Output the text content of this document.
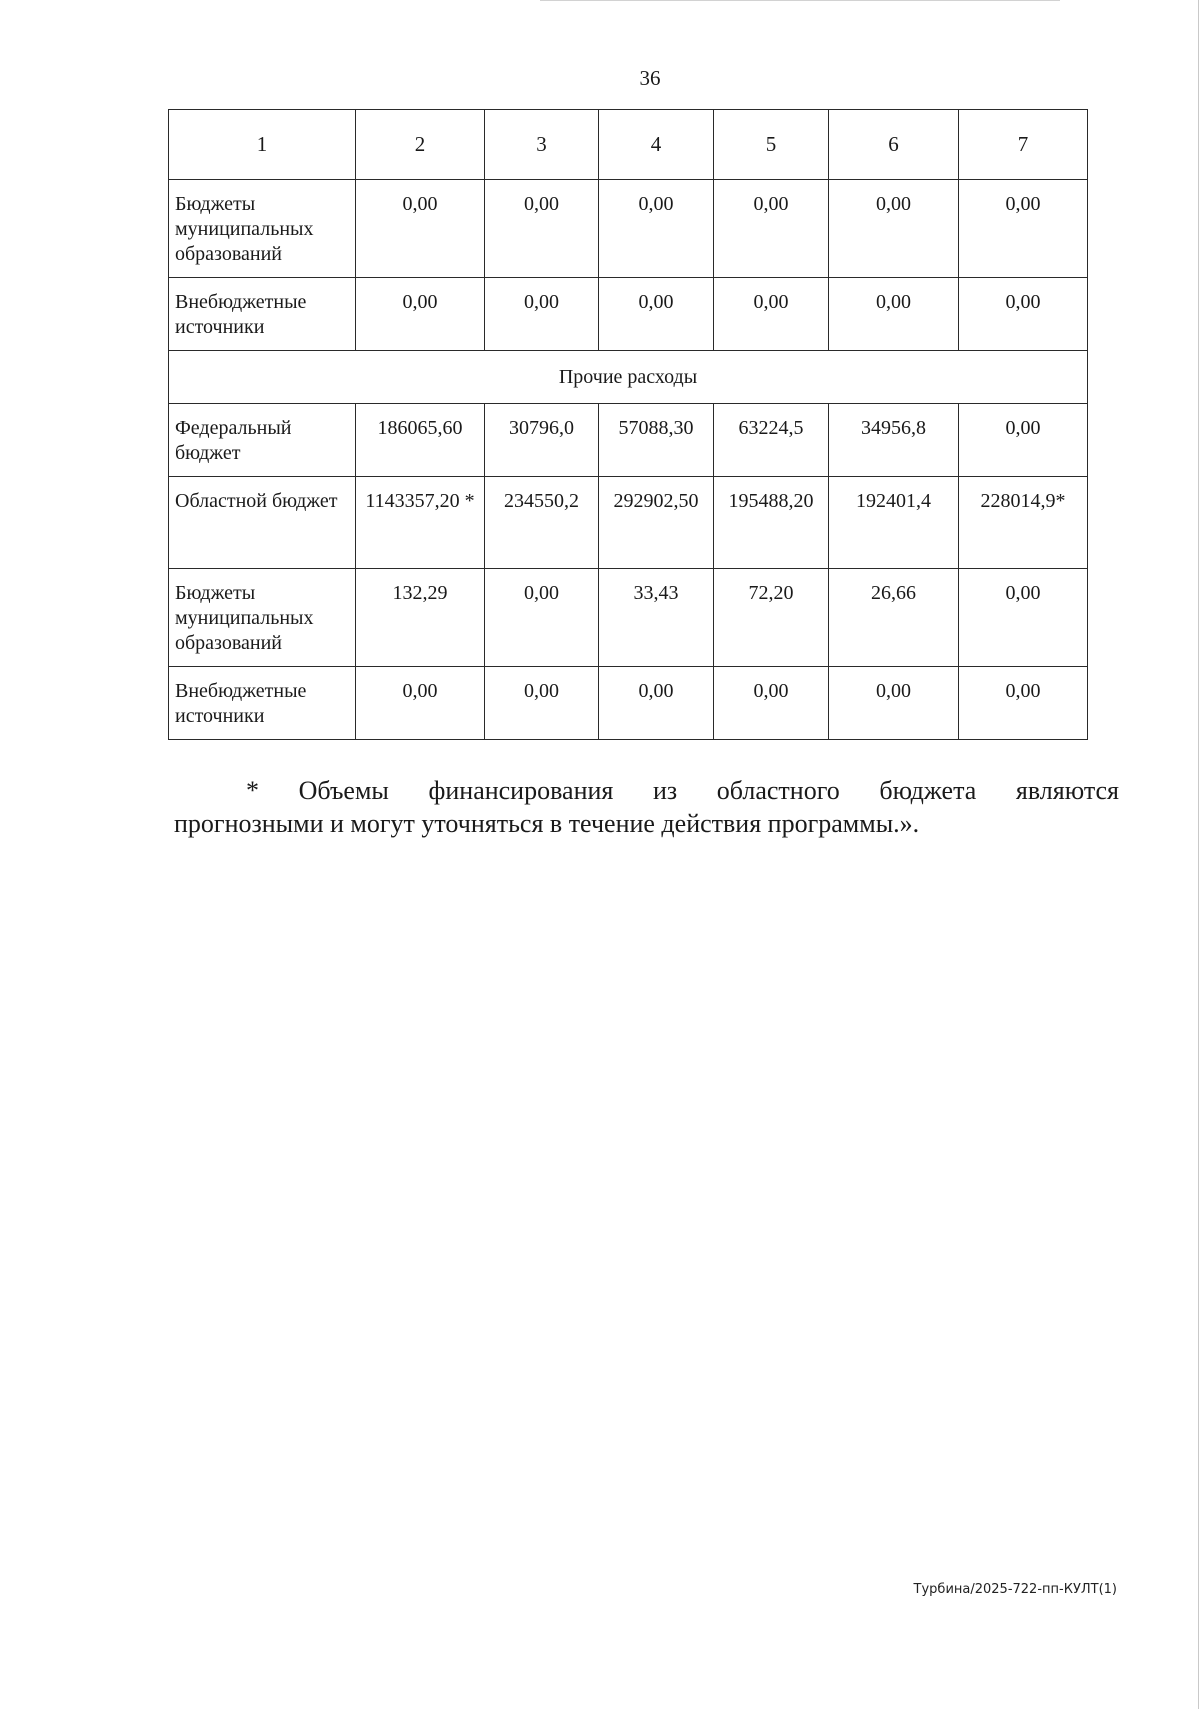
36
1	2	3	4	5	6	7
Бюджеты муниципальных образований	0,00	0,00	0,00	0,00	0,00	0,00
Внебюджетные источники	0,00	0,00	0,00	0,00	0,00	0,00
Прочие расходы						
Федеральный бюджет	186065,60	30796,0	57088,30	63224,5	34956,8	0,00
Областной бюджет	1143357,20 *	234550,2	292902,50	195488,20	192401,4	228014,9*
Бюджеты муниципальных образований	132,29	0,00	33,43	72,20	26,66	0,00
Внебюджетные источники	0,00	0,00	0,00	0,00	0,00	0,00
* Объемы финансирования из областного бюджета являются
прогнозными и могут уточняться в течение действия программы.».
Турбина/2025-722-пп-КУЛТ(1)
